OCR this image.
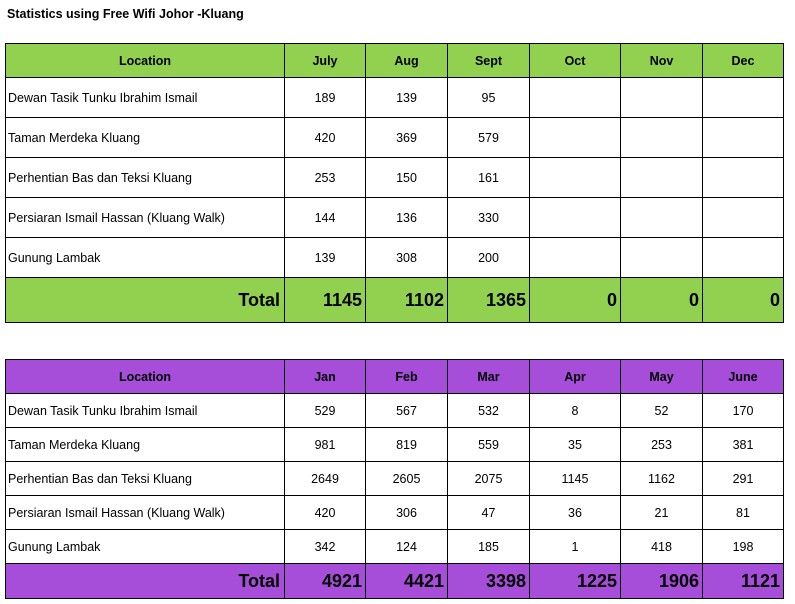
Statistics using Free Wifi Johor -Kluang
Location	July	Aug	Sept	Oct	Nov	Dec
Dewan Tasik Tunku Ibrahim Ismail	189	139	95			
Taman Merdeka Kluang	420	369	579			
Perhentian Bas dan Teksi Kluang	253	150	161			
Persiaran Ismail Hassan (Kluang Walk)	144	136	330			
Gunung Lambak	139	308	200			
Total	1145	1102	1365	0	0	0
Location	Jan	Feb	Mar	Apr	May	June
Dewan Tasik Tunku Ibrahim Ismail	529	567	532	8	52	170
Taman Merdeka Kluang	981	819	559	35	253	381
Perhentian Bas dan Teksi Kluang	2649	2605	2075	1145	1162	291
Persiaran Ismail Hassan (Kluang Walk)	420	306	47	36	21	81
Gunung Lambak	342	124	185	1	418	198
Total	4921	4421	3398	1225	1906	1121
